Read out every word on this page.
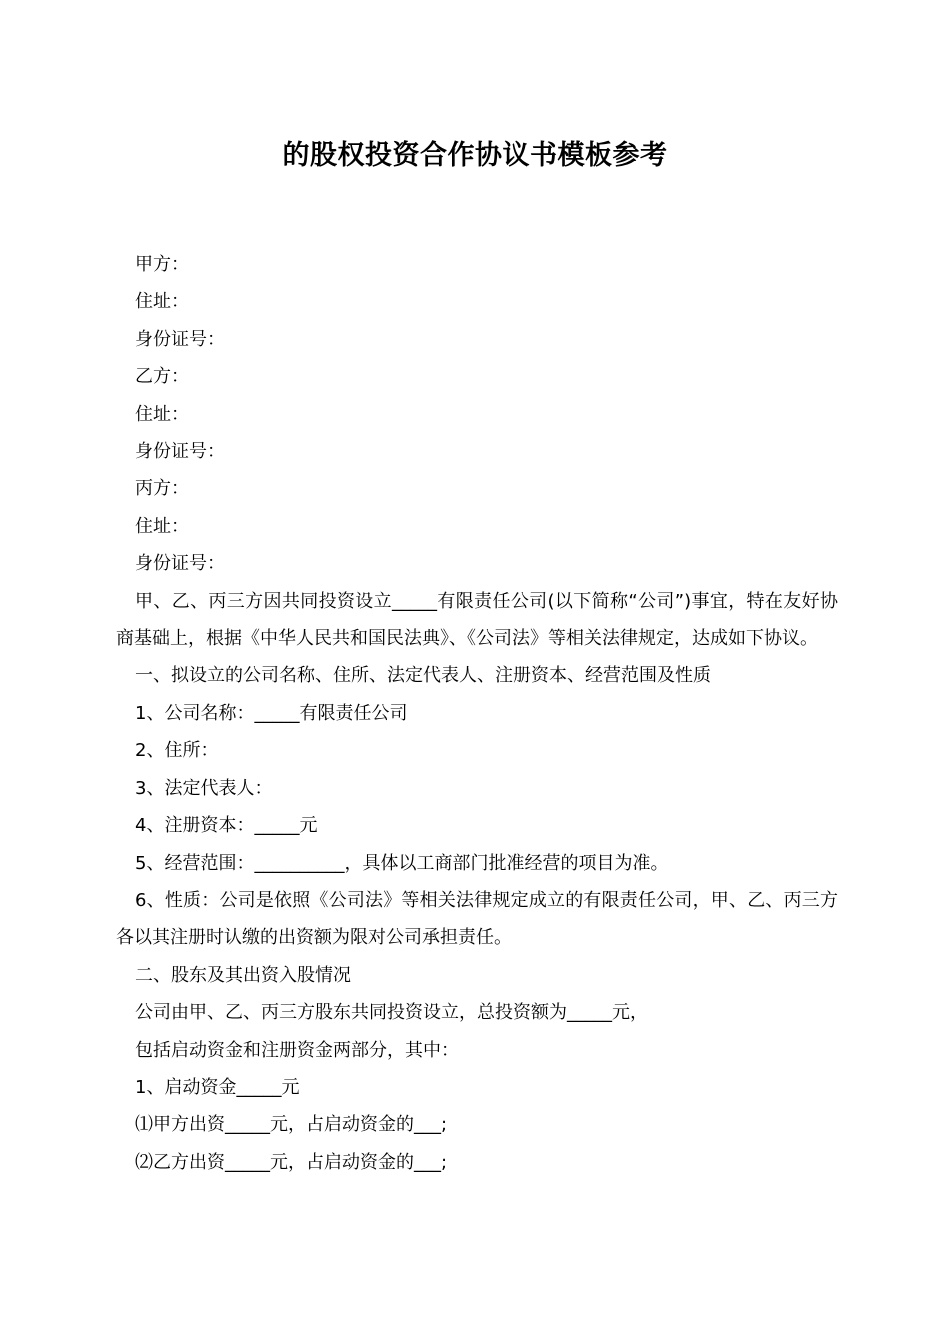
的股权投资合作协议书模板参考

甲方：

住址：

身份证号：

乙方：

住址：

身份证号：

丙方：

住址：

身份证号：

甲、乙、丙三方因共同投资设立_____有限责任公司(以下简称“公司”)事宜，特在友好协商基础上，根据《中华人民共和国民法典》、《公司法》等相关法律规定，达成如下协议。

一、拟设立的公司名称、住所、法定代表人、注册资本、经营范围及性质

1、公司名称：_____有限责任公司

2、住所：

3、法定代表人：

4、注册资本：_____元

5、经营范围：__________，具体以工商部门批准经营的项目为准。

6、性质：公司是依照《公司法》等相关法律规定成立的有限责任公司，甲、乙、丙三方各以其注册时认缴的出资额为限对公司承担责任。

二、股东及其出资入股情况

公司由甲、乙、丙三方股东共同投资设立，总投资额为_____元，

包括启动资金和注册资金两部分，其中：

1、启动资金_____元

⑴甲方出资_____元，占启动资金的___;

⑵乙方出资_____元，占启动资金的___;
